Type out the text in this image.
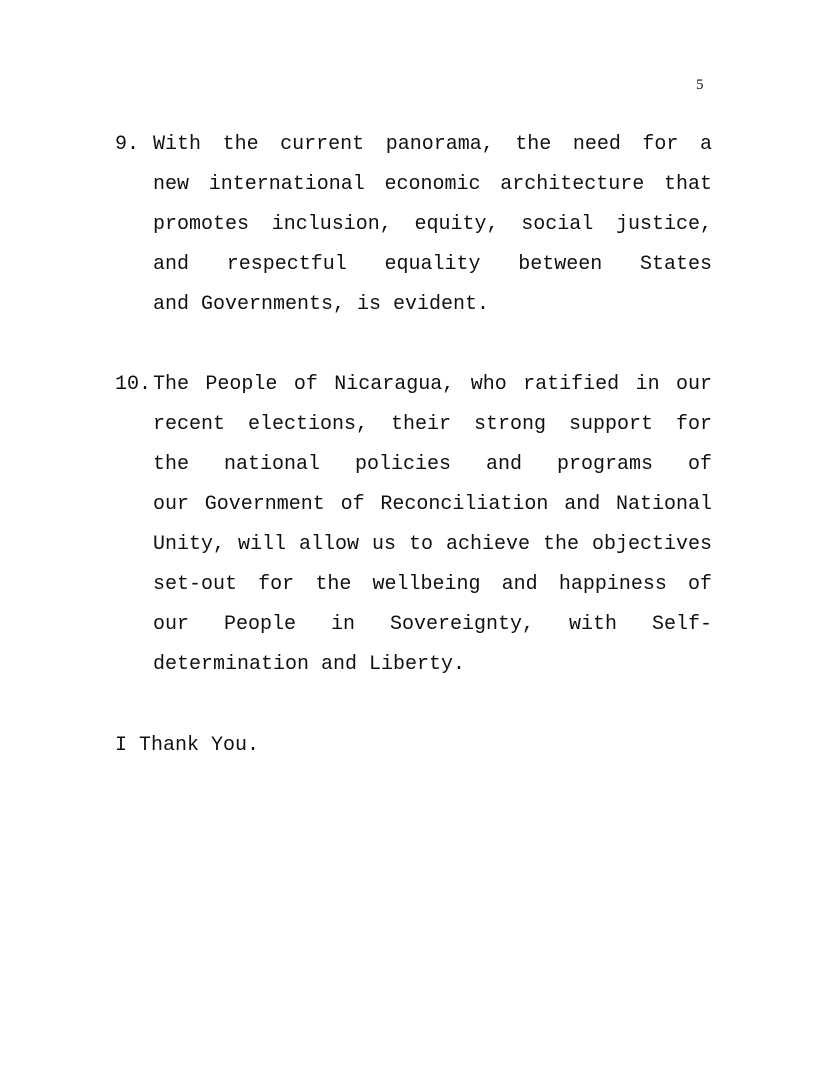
5
9. With the current panorama, the need for a
new international economic architecture that
promotes inclusion, equity, social justice,
and respectful equality between States
and Governments, is evident.
10. The People of Nicaragua, who ratified in our
recent elections, their strong support for
the national policies and programs of
our Government of Reconciliation and National
Unity, will allow us to achieve the objectives
set-out for the wellbeing and happiness of
our People in Sovereignty, with Self-
determination and Liberty.
I Thank You.
